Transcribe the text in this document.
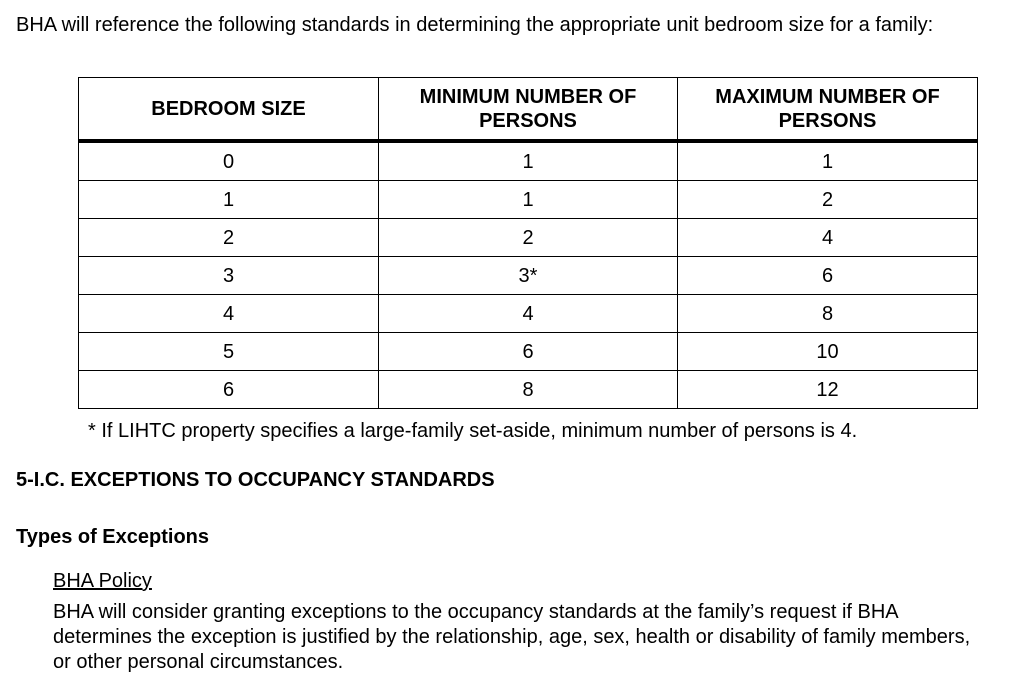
BHA will reference the following standards in determining the appropriate unit bedroom size for a family:

BEDROOM SIZE	MINIMUM NUMBER OF PERSONS	MAXIMUM NUMBER OF PERSONS
0	1	1
1	1	2
2	2	4
3	3*	6
4	4	8
5	6	10
6	8	12

* If LIHTC property specifies a large-family set-aside, minimum number of persons is 4.

5-I.C. EXCEPTIONS TO OCCUPANCY STANDARDS
Types of Exceptions

BHA Policy

BHA will consider granting exceptions to the occupancy standards at the family’s request if BHA determines the exception is justified by the relationship, age, sex, health or disability of family members, or other personal circumstances.
